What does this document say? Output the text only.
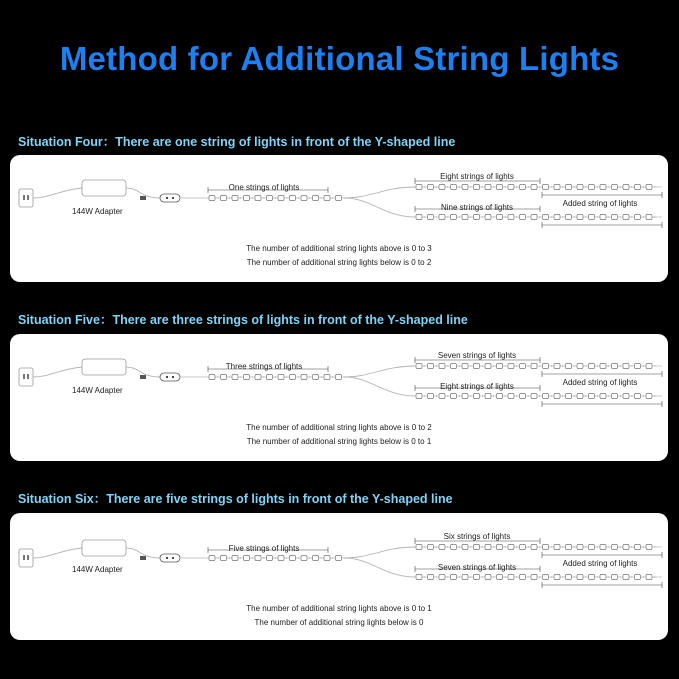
Method for Additional String Lights
Situation Four：There are one string of lights in front of the Y-shaped line
144W Adapter
One strings of lights
Eight strings of lights
Nine strings of lights	Added string of lights
The number of additional string lights above is 0 to 3
The number of additional string lights below is 0 to 2
Situation Five：There are three strings of lights in front of the Y-shaped line
144W Adapter
Three strings of lights
Seven strings of lights
Eight strings of lights	Added string of lights
The number of additional string lights above is 0 to 2
The number of additional string lights below is 0 to 1
Situation Six：There are five strings of lights in front of the Y-shaped line
144W Adapter
Five strings of lights
Six strings of lights
Seven strings of lights	Added string of lights
The number of additional string lights above is 0 to 1
The number of additional string lights below is 0
